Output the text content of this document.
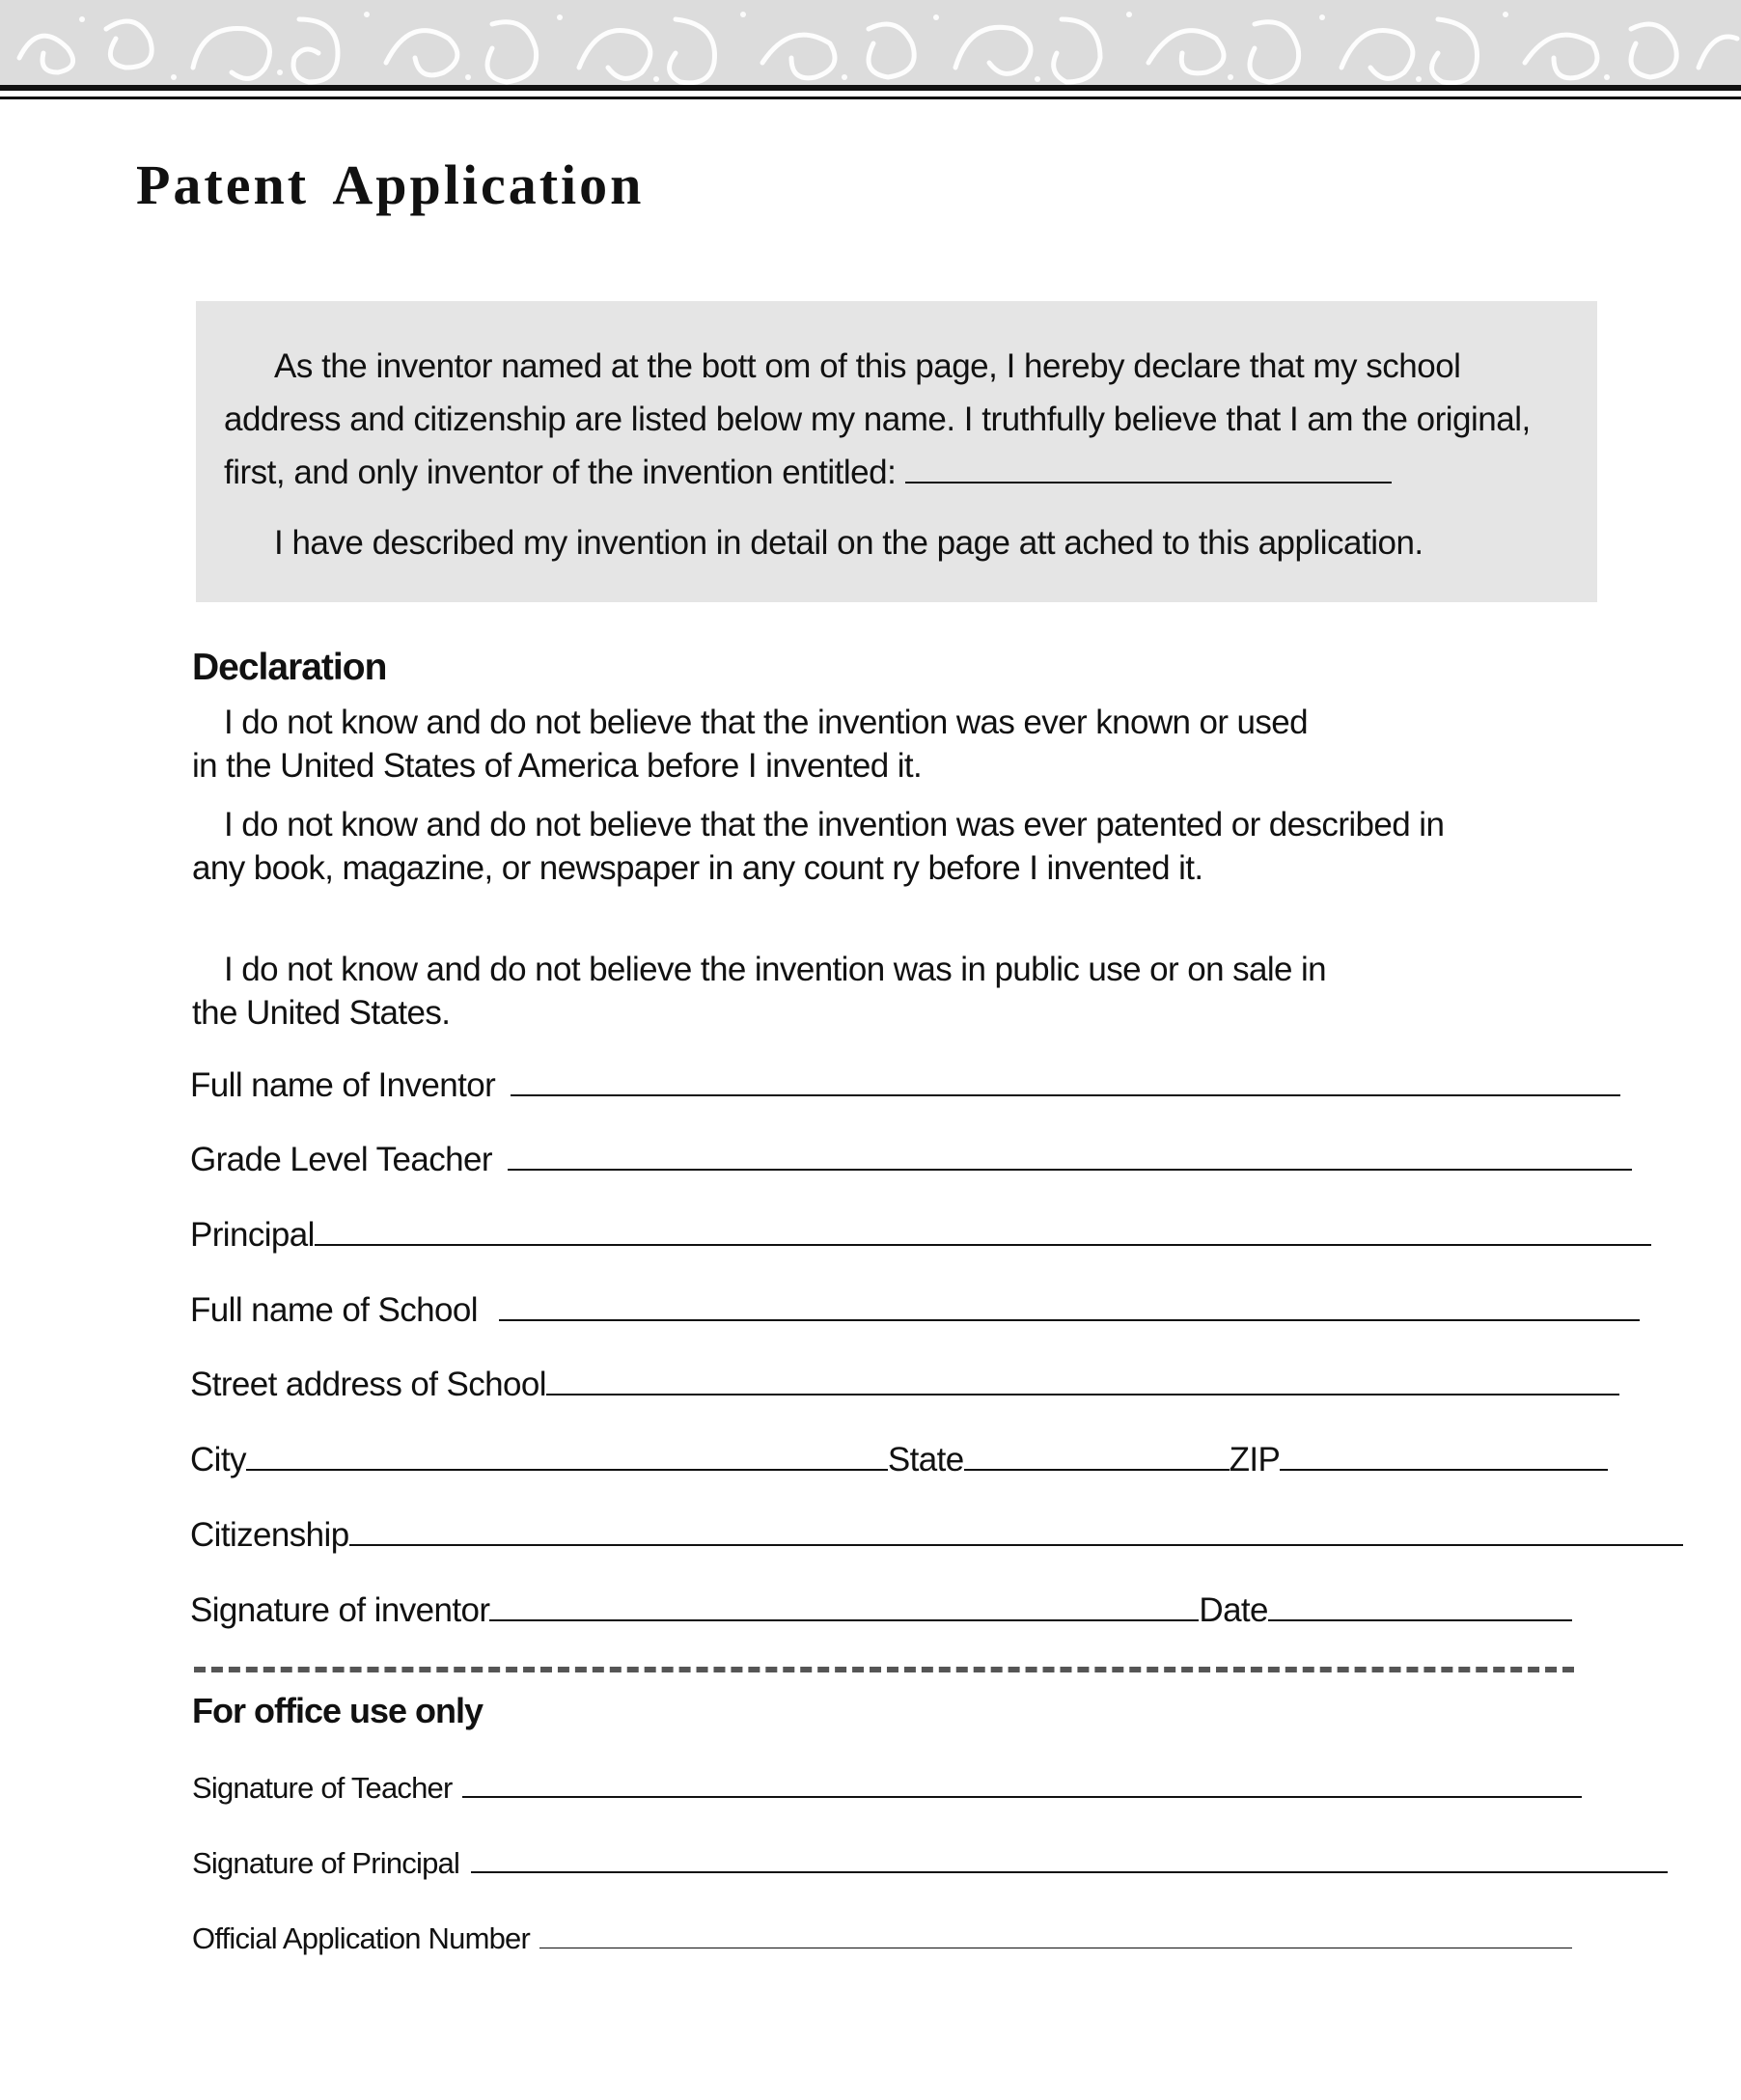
Patent Application

As the inventor named at the bott om of this page, I hereby declare that my school address and citizenship are listed below my name. I truthfully believe that I am the original, first, and only inventor of the invention entitled:

I have described my invention in detail on the page att ached to this application.

Declaration

I do not know and do not believe that the invention was ever known or used in the United States of America before I invented it.

I do not know and do not believe that the invention was ever patented or described in any book, magazine, or newspaper in any count ry before I invented it.

I do not know and do not believe the invention was in public use or on sale in the United States.

Full name of Inventor
Grade Level Teacher
Principal
Full name of School
Street address of School
City	State	ZIP
Citizenship
Signature of inventor	Date
For office use only
Signature of Teacher
Signature of Principal
Official Application Number
